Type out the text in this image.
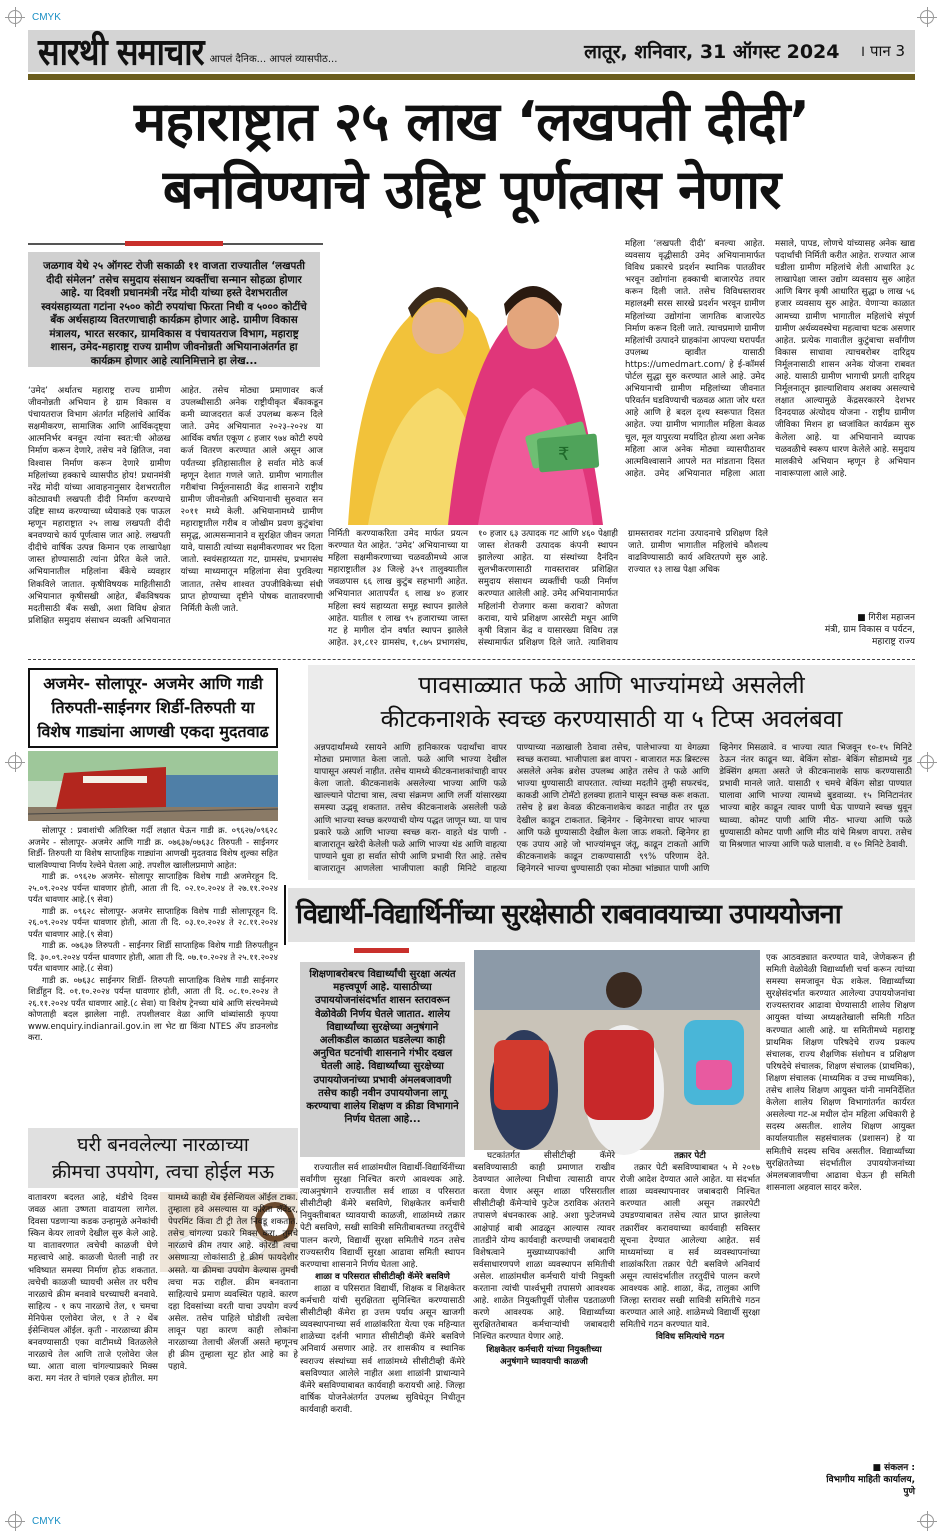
CMYK
सारथी समाचार आपलं दैनिक... आपलं व्यासपीठ...	लातूर, शनिवार, 31 ऑगस्ट 2024 । पान 3
महाराष्ट्रात २५ लाख ‘लखपती दीदी’
बनविण्याचे उद्दिष्ट पूर्णत्वास नेणार
जळगाव येथे २५ ऑगस्ट रोजी सकाळी ११ वाजता राज्यातील ‘लखपती दीदी संमेलन’ तसेच समुदाय संसाधन व्यक्तींचा सन्मान सोहळा होणार आहे. या दिवशी प्रधानमंत्री नरेंद्र मोदी यांच्या हस्ते देशभरातील स्वयंसहाय्यता गटांना २५०० कोटी रुपयांचा फिरता निधी व ५००० कोटींचे बँक अर्थसहाय्य वितरणाचाही कार्यक्रम होणार आहे. ग्रामीण विकास मंत्रालय, भारत सरकार, ग्रामविकास व पंचायतराज विभाग, महाराष्ट्र शासन, उमेद-महाराष्ट्र राज्य ग्रामीण जीवनोन्नती अभियानाअंतर्गत हा कार्यक्रम होणार आहे त्यानिमित्ताने हा लेख...
₹
‘उमेद’ अर्थातच महाराष्ट्र राज्य ग्रामीण जीवनोन्नती अभियान हे ग्राम विकास व पंचायतराज विभाग अंतर्गत महिलांचे आर्थिक सक्षमीकरण, सामाजिक आणि आर्थिकदृष्ट्या आत्मनिर्भर बनवून त्यांना स्वत:ची ओळख निर्माण करून देणारे, तसेच नवे क्षितिज, नवा विश्वास निर्माण करून देणारे ग्रामीण महिलांच्या हक्काचे व्यासपीठ होय! प्रधानमंत्री नरेंद्र मोदी यांच्या आवाहनानुसार देशभरातील कोट्यावधी लखपती दीदी निर्माण करण्याचे उद्दिष्ट साध्य करण्याच्या ध्येयाकडे एक पाऊल म्हणून महाराष्ट्रात २५ लाख लखपती दीदी बनवण्याचे कार्य पूर्णत्वास जात आहे. लखपती दीदीचे वार्षिक उत्पन्न किमान एक लाखापेक्षा जास्त होण्यासाठी त्यांना प्रेरित केले जाते. अभियानातील महिलांना बँकेचे व्यवहार शिकविले जातात. कृषीविषयक माहितीसाठी अभियानात कृषीसखी आहेत, बँकविषयक मदतीसाठी बँक सखी, अशा विविध क्षेत्रात प्रशिक्षित समुदाय संसाधन व्यक्ती अभियानात आहेत. तसेच मोठ्या प्रमाणावर कर्ज उपलब्धीसाठी अनेक राष्ट्रीयीकृत बँकाकडून कमी व्याजदरात कर्ज उपलब्ध करून दिले जाते. उमेद अभियानात २०२३-२०२४ या आर्थिक वर्षात एकूण ८ हजार ९७४ कोटी रुपये कर्ज वितरण करण्यात आले असून आज पर्यंतच्या इतिहासातील हे सर्वात मोठे कर्ज म्हणून देशात गणले जाते. ग्रामीण भागातील गरीबांचा निर्मूलनासाठी केंद्र शासनाने राष्ट्रीय ग्रामीण जीवनोन्नती अभियानाची सुरुवात सन २०११ मध्ये केली. अभियानामध्ये ग्रामीण महाराष्ट्रातील गरीब व जोखीम प्रवण कुटुंबांचा समृद्ध, आत्मसन्मानाने व सुरक्षित जीवन जगता यावे, यासाठी त्यांच्या सक्षमीकरणावर भर दिला जातो. स्वयंसहाय्यता गट, ग्रामसंघ, प्रभागसंघ यांच्या माध्यमातून महिलांना सेवा पुरविल्या जातात, तसेच शाश्वत उपजीविकेच्या संधी प्राप्त होण्याच्या दृष्टीने पोषक वातावरणाची निर्मिती केली जाते.
निर्मिती करण्याकरिता उमेद मार्फत प्रयत्न करण्यात येत आहेत. ‘उमेद’ अभियानाच्या या महिला सक्षमीकरणाच्या चळवळीमध्ये आज महाराष्ट्रातील ३४ जिल्हे ३५१ तालुक्यातील जवळपास ६६ लाख कुटुंब सहभागी आहेत. अभियानात आतापर्यंत ६ लाख ४० हजार महिला स्वयं सहाय्यता समूह स्थापन झालेले आहेत. यातील १ लाख ९५ हजाराच्या जास्त गट हे मागील दोन वर्षात स्थापन झालेले आहेत. ३१,८१२ ग्रामसंघ, १,८७५ प्रभागसंघ, १० हजार ६३ उत्पादक गट आणि ४६० पेक्षाही जास्त शेतकरी उत्पादक कंपनी स्थापन झालेल्या आहेत. या संस्थांच्या दैनंदिन सुलभीकरणासाठी गावस्तरावर प्रशिक्षित समुदाय संसाधन व्यक्तींची फळी निर्माण करण्यात आलेली आहे. उमेद अभियानामार्फत महिलांनी रोजगार कसा करावा? कोणता करावा, याचे प्रशिक्षण आरसेटी मधून आणि कृषी विज्ञान केंद्र व यासारख्या विविध तज्ञ संस्थामार्फत प्रशिक्षण दिले जाते. त्याशिवाय ग्रामस्तरावर गटांना उत्पादनाचे प्रशिक्षण दिले जाते. ग्रामीण भागातील महिलांचे कौशल्य वाढविण्यासाठी कार्य अविरतपणे सुरु आहे. राज्यात १३ लाख पेक्षा अधिक
महिला ‘लखपती दीदी’ बनल्या आहेत. व्यवसाय वृद्धीसाठी उमेद अभियानामार्फत विविध प्रकारचे प्रदर्शन स्थानिक पातळीवर भरवून उद्योगांना हक्काची बाजारपेठ तयार करून दिली जाते. तसेच विविधस्तरावर महालक्ष्मी सरस सारखे प्रदर्शन भरवून ग्रामीण महिलांच्या उद्योगांना जागतिक बाजारपेठ निर्माण करून दिली जाते. त्याचप्रमाणे ग्रामीण महिलांची उत्पादने ग्राहकांना आपल्या घरापर्यंत उपलब्ध व्हावीत यासाठी https://umedmart.com/ हे ई-कॉमर्स पोर्टल सुद्धा सुरु करण्यात आले आहे. उमेद अभियानाची ग्रामीण महिलांच्या जीवनात परिवर्तन घडविण्याची चळवळ आता जोर धरत आहे आणि हे बदल दृश्य स्वरूपात दिसत आहेत. ज्या ग्रामीण भागातील महिला केवळ चूल, मूल यापुरत्या मर्यादित होत्या अशा अनेक महिला आज अनेक मोठ्या व्यासपीठावर आत्मविश्वासाने आपले मत मांडताना दिसत आहेत. उमेद अभियानात महिला आता मसाले, पापड, लोणचे यांच्यासह अनेक खाद्य पदार्थांची निर्मिती करीत आहेत. राज्यात आज घडीला ग्रामीण महिलांचे शेती आधारित ३८ लाखापेक्षा जास्त उद्योग व्यवसाय सुरु आहेत आणि बिगर कृषी आधारित सुद्धा ७ लाख ५६ हजार व्यवसाय सुरु आहेत. येणाऱ्या काळात आमच्या ग्रामीण भागातील महिलांचे संपूर्ण ग्रामीण अर्थव्यवस्थेचा महत्वाचा घटक असणार आहेत. प्रत्येक गावातील कुटुंबाचा सर्वांगीण विकास साधावा त्याचबरोबर दारिद्र्य निर्मूलनासाठी शासन अनेक योजना राबवत आहे. यासाठी ग्रामीण भागाची प्रगती दारिद्र्य निर्मूलनातून झाल्याशिवाय अशक्य असल्याचे लक्षात आल्यामुळे केंद्रसरकारने देशभर दिनदयाळ अंत्योदय योजना - राष्ट्रीय ग्रामीण जीविका मिशन हा ध्वजांकित कार्यक्रम सुरु केलेला आहे. या अभियानाने व्यापक चळवळीचे स्वरूप धारण केलेले आहे. समुदाय मालकीचे अभियान म्हणून हे अभियान नावारूपाला आले आहे.
■ गिरीश महाजन
मंत्री, ग्राम विकास व पर्यटन,
महाराष्ट्र राज्य
अजमेर- सोलापूर- अजमेर आणि गाडी तिरुपती-साईनगर शिर्डी-तिरुपती या विशेष गाड्यांना आणखी एकदा मुदतवाढ

सोलापूर : प्रवाशांची अतिरिक्त गर्दी लक्षात घेऊन गाडी क्र. ०९६२७/०९६२८ अजमेर - सोलापूर- अजमेर आणि गाडी क्र. ०७६३७/०७६३८ तिरुपती - साईनगर शिर्डी- तिरुपती या विशेष साप्ताहिक गाड्यांना आणखी मुदतवाढ विशेष शुल्का सहित चालविण्याचा निर्णय रेल्वेने घेतला आहे. तपशील खालीलप्रमाणे आहेत:

गाडी क्र. ०९६२७ अजमेर- सोलापूर साप्ताहिक विशेष गाडी अजमेरहून दि. २५.०९.२०२४ पर्यन्त धावणार होती, आता ती दि. ०२.१०.२०२४ ते २७.११.२०२४ पर्यंत धावणार आहे.(९ सेवा)

गाडी क्र. ०९६२८ सोलापूर- अजमेर साप्ताहिक विशेष गाडी सोलापूरहून दि. २६.०९.२०२४ पर्यन्त धावणार होती, आता ती दि. ०३.१०.२०२४ ते २८.११.२०२४ पर्यंत धावणार आहे.(९ सेवा)

गाडी क्र. ०७६३७ तिरुपती - साईनगर शिर्डी साप्ताहिक विशेष गाडी तिरुपतीहून दि. ३०.०९.२०२४ पर्यन्त धावणार होती, आता ती दि. ०७.१०.२०२४ ते २५.११.२०२४ पर्यंत धावणार आहे.(८ सेवा)

गाडी क्र. ०७६३८ साईनगर शिर्डी- तिरुपती साप्ताहिक विशेष गाडी साईनगर शिर्डीहून दि. ०१.१०.२०२४ पर्यन्त धावणार होती, आता ती दि. ०८.१०.२०२४ ते २६.११.२०२४ पर्यंत धावणार आहे.(८ सेवा) या विशेष ट्रेनच्या थांबे आणि संरचनेमध्ये कोणताही बदल झालेला नाही. तपशीलवार वेळा आणि थांब्यांसाठी कृपया www.enquiry.indianrail.gov.in ला भेट द्या किंवा NTES ॲप डाउनलोड करा.

पावसाळ्यात फळे आणि भाज्यांमध्ये असलेली
कीटकनाशके स्वच्छ करण्यासाठी या ५ टिप्स अवलंबवा
अन्नपदार्थांमध्ये रसायने आणि हानिकारक पदार्थांचा वापर मोठ्या प्रमाणात केला जातो. फळे आणि भाज्या देखील यापासून अस्पर्श नाहीत. तसेच यामध्ये कीटकनाशकांचाही वापर केला जातो. कीटकनाशके असलेल्या भाज्या आणि फळे खाल्ल्याने पोटाचा त्रास, त्वचा संक्रमण आणि लर्जी यांसारख्या समस्या उद्भवू शकतात. तसेच कीटकनाशके असलेली फळे आणि भाज्या स्वच्छ करण्याची योग्य पद्धत जाणून घ्या. या पाच प्रकारे फळे आणि भाज्या स्वच्छ करा- वाहते थंड पाणी - बाजारातून खरेदी केलेली फळे आणि भाज्या थंड आणि वाहत्या पाण्याने धुवा हा सर्वात सोपी आणि प्रभावी रित आहे. तसेच बाजारातून आणलेला भाजीपाला काही मिनिटे वाहत्या पाण्याच्या नळाखाली ठेवावा तसेच, पालेभाज्या या वेगळ्या स्वच्छ कराव्या. भाजीपाला ब्रश वापरा - बाजारात मऊ ब्रिस्टल्स असलेले अनेक ब्रशेस उपलब्ध आहेत तसेच ते फळे आणि भाज्या धुण्यासाठी वापरतात. त्यांच्या मदतीने तुम्ही सफरचंद, काकडी आणि टोमॅटो हलक्या हाताने घासून स्वच्छ करू शकता. तसेच हे ब्रश केवळ कीटकनाशकेच काढत नाहीत तर धूळ देखील काढून टाकतात. व्हिनेगर - व्हिनेगरचा वापर भाज्या आणि फळे धुण्यासाठी देखील केला जाऊ शकतो. व्हिनेगर हा एक उपाय आहे जो भाज्यांमधून जंतू, काढून टाकतो आणि कीटकनाशके काढून टाकण्यासाठी ९९% परिणाम देते. व्हिनेगरने भाज्या धुण्यासाठी एका मोठ्या भांड्यात पाणी आणि व्हिनेगर मिसळावे. व भाज्या त्यात भिजवून १०-१५ मिनिटे ठेऊन नंतर काढून घ्या. बेकिंग सोडा- बेकिंग सोडामध्ये गुड डेक्सिंग क्षमता असते जे कीटकनाशके साफ करण्यासाठी प्रभावी मानले जाते. यासाठी १ चमचे बेकिंग सोडा पाण्यात घालावा आणि भाज्या त्यामध्ये बुडवाव्या. १५ मिनिटानंतर भाज्या बाहेर काढून त्यावर पाणी घेऊ पाण्याने स्वच्छ धुवून घ्याव्या. कोमट पाणी आणि मीठ- भाज्या आणि फळे धुण्यासाठी कोमट पाणी आणि मीठ यांचे मिश्रण वापरा. तसेच या मिश्रणात भाज्या आणि फळे घालावी. व १० मिनिटे ठेवावी.
विद्यार्थी-विद्यार्थिनींच्या सुरक्षेसाठी राबवावयाच्या उपाययोजना
शिक्षणाबरोबरच विद्यार्थ्यांची सुरक्षा अत्यंत महत्त्वपूर्ण आहे. यासाठीच्या उपाययोजनांसंदर्भात शासन स्तरावरून वेळोवेळी निर्णय घेतले जातात. शालेय विद्यार्थ्यांच्या सुरक्षेच्या अनुषंगाने अलीकडील काळात घडलेल्या काही अनुचित घटनांची शासनाने गंभीर दखल घेतली आहे. विद्यार्थ्यांच्या सुरक्षेच्या उपाययोजनांच्या प्रभावी अंमलबजावणी तसेच काही नवीन उपाययोजना लागू करण्याचा शालेय शिक्षण व क्रीडा विभागाने निर्णय घेतला आहे...

राज्यातील सर्व शाळांमधील विद्यार्थी-विद्यार्थिनींच्या सर्वांगीण सुरक्षा निश्चित करणे आवश्यक आहे. त्याअनुषंगाने राज्यातील सर्व शाळा व परिसरात सीसीटीव्ही कॅमेरे बसविणे, शिक्षकेतर कर्मचारी नियुक्तीबाबत घ्यावयाची काळजी, शाळांमध्ये तक्रार पेटी बसविणे, सखी सावित्री समितीबाबतच्या तरतुदींचे पालन करणे, विद्यार्थी सुरक्षा समितीचे गठन तसेच राज्यस्तरीय विद्यार्थी सुरक्षा आढावा समिती स्थापन करण्याचा शासनाने निर्णय घेतला आहे.

शाळा व परिसरात सीसीटीव्ही कॅमेरे बसविणे

शाळा व परिसरात विद्यार्थी, शिक्षक व शिक्षकेतर कर्मचारी यांची सुरक्षितता सुनिश्चित करण्यासाठी सीसीटीव्ही कॅमेरा हा उत्तम पर्याय असून खाजगी व्यवस्थापनाच्या सर्व शाळांकरिता येत्या एक महिन्यात शाळेच्या दर्शनी भागात सीसीटीव्ही कॅमेरे बसविणे अनिवार्य असणार आहे. तर शासकीय व स्थानिक स्वराज्य संस्थांच्या सर्व शाळांमध्ये सीसीटीव्ही कॅमेरे बसविण्यात आलेले नाहीत अशा शाळांनी प्राधान्याने कॅमेरे बसविण्याबाबत कार्यवाही करायची आहे. जिल्हा वार्षिक योजनेअंतर्गत उपलब्ध सुविधेतून निधीतून कार्यवाही करावी.

घटकांतर्गत सीसीटीव्ही कॅमेरे बसविण्यासाठी काही प्रमाणात राखीव ठेवण्यात आलेल्या निधीचा त्यासाठी वापर करता येणार असून शाळा परिसरातील सीसीटीव्ही कॅमेऱ्यांचे फुटेज ठराविक अंतराने तपासणे बंधनकारक आहे. अशा फुटेजमध्ये आक्षेपार्ह बाबी आढळून आल्यास त्यावर तातडीने योग्य कार्यवाही करण्याची जबाबदारी विशेषत्वाने मुख्याध्यापकांची आणि सर्वसाधारणपणे शाळा व्यवस्थापन समितीची असेल. शाळांमधील कर्मचारी यांची नियुक्ती करताना त्यांची पार्श्वभूमी तपासणे आवश्यक आहे. शाळेत नियुक्तीपूर्वी पोलीस पडताळणी करणे आवश्यक आहे. विद्यार्थ्यांच्या सुरक्षिततेबाबत कर्मचाऱ्यांची जबाबदारी निश्चित करण्यात येणार आहे.

शिक्षकेतर कर्मचारी यांच्या नियुक्तीच्या अनुषंगाने घ्यावयाची काळजी

तक्रार पेटी

तक्रार पेटी बसविण्याबाबत ५ मे २०१७ रोजी आदेश देण्यात आले आहेत. या संदर्भात शाळा व्यवस्थापनावर जबाबदारी निश्चित करण्यात आली असून तक्रारपेटी उघडण्याबाबत तसेच त्यात प्राप्त झालेल्या तक्रारींवर करावयाच्या कार्यवाही सविस्तर सूचना देण्यात आलेल्या आहेत. सर्व माध्यमांच्या व सर्व व्यवस्थापनांच्या शाळांकरिता तक्रार पेटी बसविणे अनिवार्य असून त्यासंदर्भातील तरतुदींचे पालन करणे आवश्यक आहे. शाळा, केंद्र, तालुका आणि जिल्हा स्तरावर सखी सावित्री समितीचे गठन करण्यात आले आहे. शाळेमध्ये विद्यार्थी सुरक्षा समितीचे गठन करण्यात यावे.

विविध समित्यांचे गठन

एक आठवड्यात करण्यात यावे, जेणेकरून ही समिती वेळोवेळी विद्यार्थ्यांशी चर्चा करून त्यांच्या समस्या समजावून घेऊ शकेल. विद्यार्थ्यांच्या सुरक्षेसंदर्भात करण्यात आलेल्या उपाययोजनांचा राज्यस्तरावर आढावा घेण्यासाठी शालेय शिक्षण आयुक्त यांच्या अध्यक्षतेखाली समिती गठित करण्यात आली आहे. या समितीमध्ये महाराष्ट्र प्राथमिक शिक्षण परिषदेचे राज्य प्रकल्प संचालक, राज्य शैक्षणिक संशोधन व प्रशिक्षण परिषदेचे संचालक, शिक्षण संचालक (प्राथमिक), शिक्षण संचालक (माध्यमिक व उच्च माध्यमिक), तसेच शालेय शिक्षण आयुक्त यांनी नामनिर्देशित केलेला शालेय शिक्षण विभागांतर्गत कार्यरत असलेल्या गट-अ मधील दोन महिला अधिकारी हे सदस्य असतील. शालेय शिक्षण आयुक्त कार्यालयातील सहसंचालक (प्रशासन) हे या समितीचे सदस्य सचिव असतील. विद्यार्थ्यांच्या सुरक्षिततेच्या संदर्भातील उपाययोजनांच्या अंमलबजावणीचा आढावा घेऊन ही समिती शासनाला अहवाल सादर करेल.
■ संकलन :
विभागीय माहिती कार्यालय,
पुणे
घरी बनवलेल्या नारळाच्या
क्रीमचा उपयोग, त्वचा होईल मऊ
वातावरण बदलत आहे, थंडीचे दिवस जवळ आता उष्णता वाढायला लागेल. दिवसा पडणाऱ्या कडक उन्हामुळे अनेकांची स्किन केयर लावणे देखील सुरु केले आहे. या वातावरणात त्वचेची काळजी घेणे महत्त्वाचे आहे. काळजी घेतली नाही तर भविष्यात समस्या निर्माण होऊ शकतात. त्वचेची काळजी घ्यायची असेल तर घरीच नारळाचे क्रीम बनवावे घरच्याघरी बनवावे. साहित्य - १ कप नारळाचे तेल, १ चमचा मेनिफेस एलोवेरा जेल, १ ते २ थेंब ईसेन्शियल ऑईल. कृती - नारळाच्या क्रीम बनवण्यासाठी एका वाटीमध्ये वितळलेले नारळाचे तेल आणि ताजे एलोवेरा जेल घ्या. आता वाला चांगल्याप्रकारे मिक्स करा. मग नंतर ते चांगले एकत्र होतील. मग यामध्ये काही थेंब ईसेन्शियल ऑईल टाका. तुम्हाला हवे असल्यास या करिता लॅवेंडर, पेपरमिंट किंवा टी ट्री तेल निवडू शकतात. तसेच चांगल्या प्रकारे मिक्स करा. तुमचे नारळाचे क्रीम तयार आहे. कोरडी त्वचा असणाऱ्या लोकांसाठी हे क्रीम फायदेशीर असते. या क्रीमचा उपयोग केल्यास तुमची त्वचा मऊ राहील. क्रीम बनवताना साहित्याचे प्रमाण व्यवस्थित पहावे. कारण दहा दिवसांच्या वरती याचा उपयोग वर्ज्य असेल. तसेच पाहिले घोडीशी त्वचेला लावून पहा कारण काही लोकांना नारळाच्या तेलाची ॲलर्जी असते म्हणूनच ही क्रीम तुम्हाला सूट होत आहे का हे पहावे.
CMYK
